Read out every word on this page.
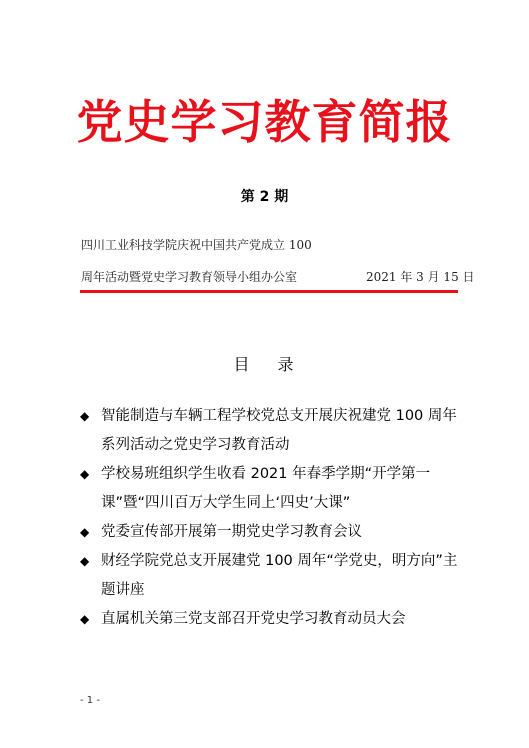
党史学习教育简报
第 2 期
四川工业科技学院庆祝中国共产党成立 100
周年活动暨党史学习教育领导小组办公室	2021 年 3 月 15 日
目 录
◆ 智能制造与车辆工程学校党总支开展庆祝建党 100 周年系列活动之党史学习教育活动
◆ 学校易班组织学生收看 2021 年春季学期“开学第一课”暨“四川百万大学生同上‘四史’大课”
◆ 党委宣传部开展第一期党史学习教育会议
◆ 财经学院党总支开展建党 100 周年“学党史，明方向”主题讲座
◆ 直属机关第三党支部召开党史学习教育动员大会
- 1 -
